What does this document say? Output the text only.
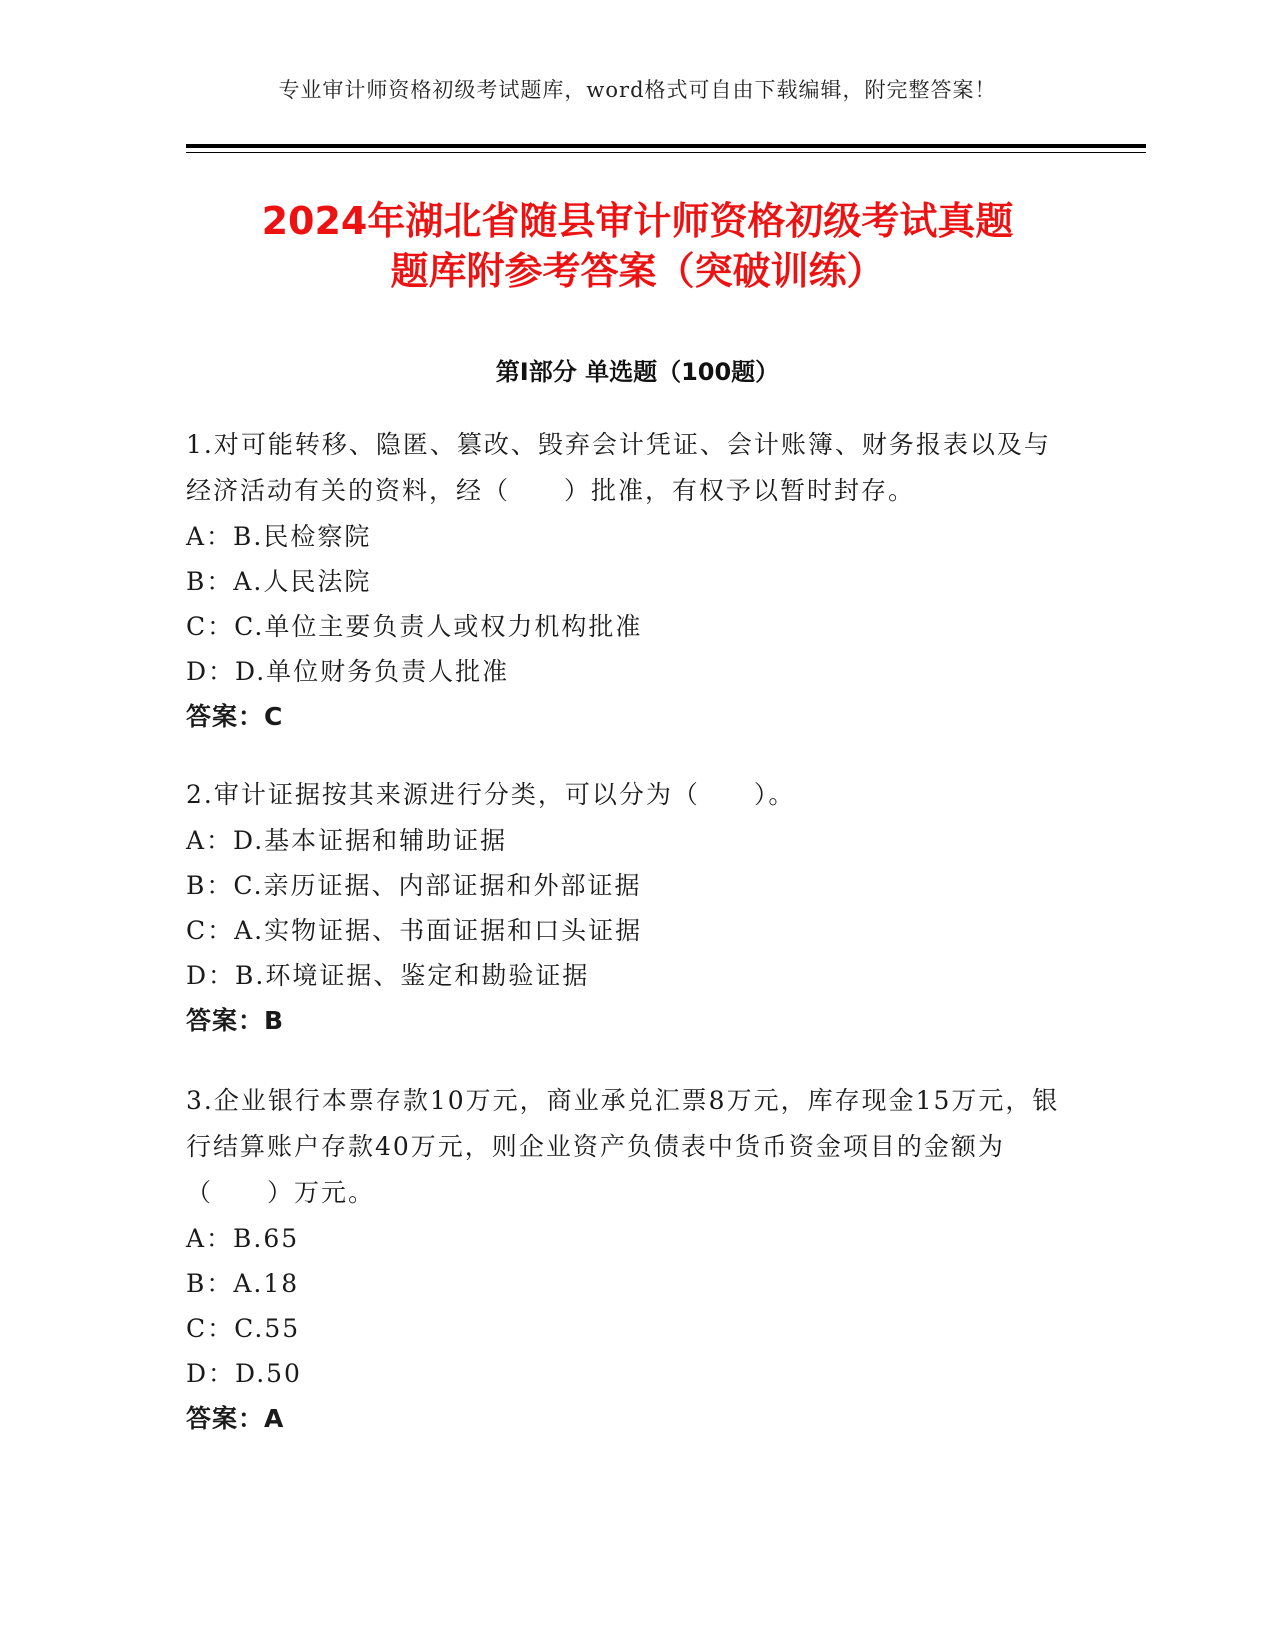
专业审计师资格初级考试题库，word格式可自由下载编辑，附完整答案！
2024年湖北省随县审计师资格初级考试真题
题库附参考答案（突破训练）
第Ⅰ部分 单选题（100题）
1.对可能转移、隐匿、篡改、毁弃会计凭证、会计账簿、财务报表以及与经济活动有关的资料，经（　　）批准，有权予以暂时封存。
A：B.民检察院
B：A.人民法院
C：C.单位主要负责人或权力机构批准
D：D.单位财务负责人批准
答案：C
2.审计证据按其来源进行分类，可以分为（　　）。
A：D.基本证据和辅助证据
B：C.亲历证据、内部证据和外部证据
C：A.实物证据、书面证据和口头证据
D：B.环境证据、鉴定和勘验证据
答案：B
3.企业银行本票存款10万元，商业承兑汇票8万元，库存现金15万元，银行结算账户存款40万元，则企业资产负债表中货币资金项目的金额为（　　）万元。
A：B.65
B：A.18
C：C.55
D：D.50
答案：A
